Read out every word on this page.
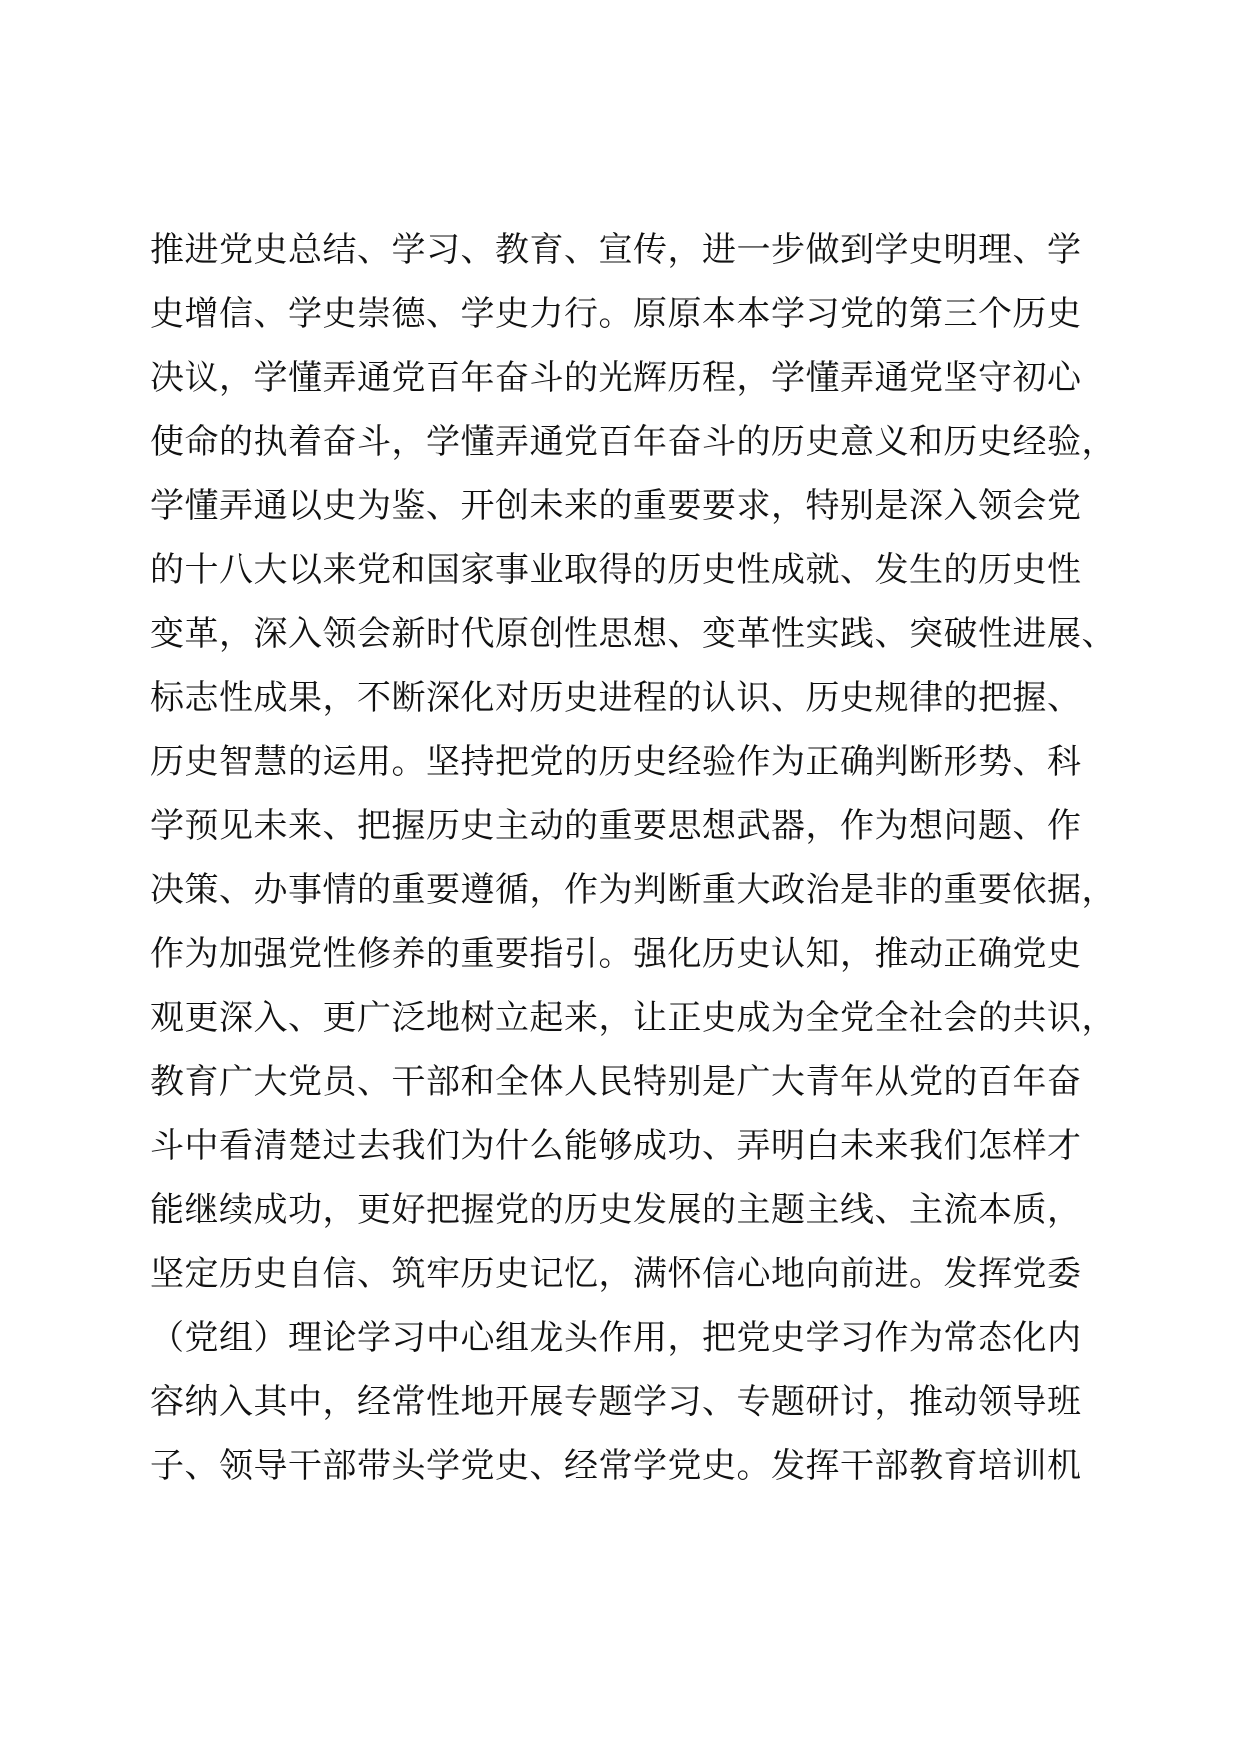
推进党史总结、学习、教育、宣传，进一步做到学史明理、学
史增信、学史崇德、学史力行。原原本本学习党的第三个历史
决议，学懂弄通党百年奋斗的光辉历程，学懂弄通党坚守初心
使命的执着奋斗，学懂弄通党百年奋斗的历史意义和历史经验，
学懂弄通以史为鉴、开创未来的重要要求，特别是深入领会党
的十八大以来党和国家事业取得的历史性成就、发生的历史性
变革，深入领会新时代原创性思想、变革性实践、突破性进展、
标志性成果，不断深化对历史进程的认识、历史规律的把握、
历史智慧的运用。坚持把党的历史经验作为正确判断形势、科
学预见未来、把握历史主动的重要思想武器，作为想问题、作
决策、办事情的重要遵循，作为判断重大政治是非的重要依据，
作为加强党性修养的重要指引。强化历史认知，推动正确党史
观更深入、更广泛地树立起来，让正史成为全党全社会的共识，
教育广大党员、干部和全体人民特别是广大青年从党的百年奋
斗中看清楚过去我们为什么能够成功、弄明白未来我们怎样才
能继续成功，更好把握党的历史发展的主题主线、主流本质，
坚定历史自信、筑牢历史记忆，满怀信心地向前进。发挥党委
（党组）理论学习中心组龙头作用，把党史学习作为常态化内
容纳入其中，经常性地开展专题学习、专题研讨，推动领导班
子、领导干部带头学党史、经常学党史。发挥干部教育培训机
